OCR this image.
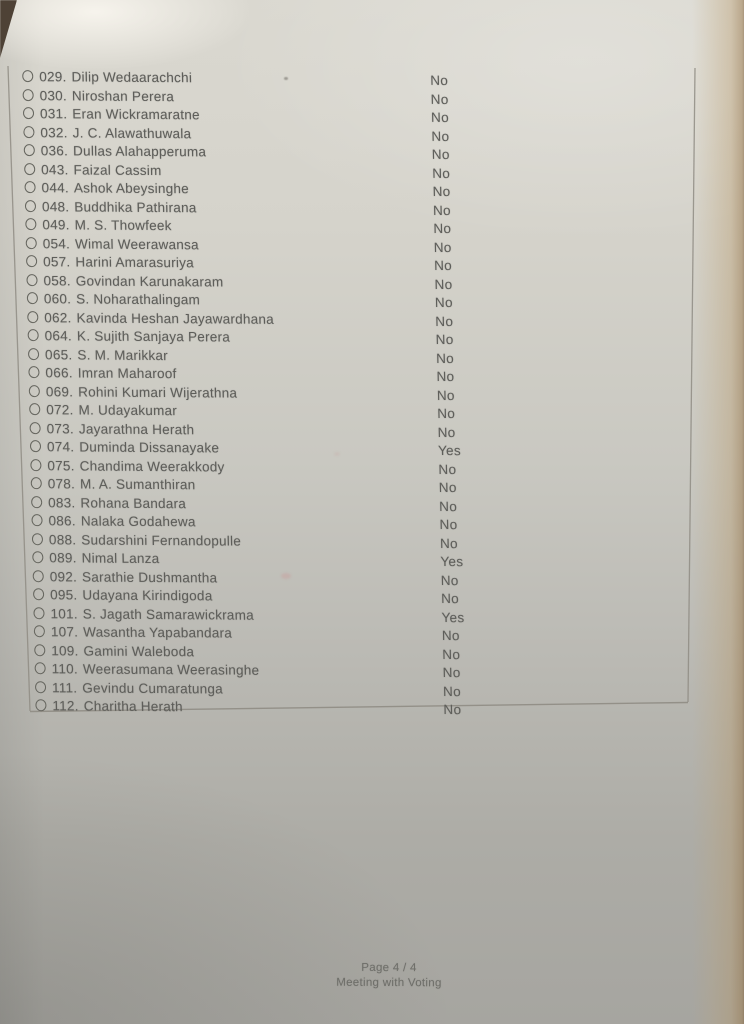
029. Dilip Wedaarachchi	No
030. Niroshan Perera	No
031. Eran Wickramaratne	No
032. J. C. Alawathuwala	No
036. Dullas Alahapperuma	No
043. Faizal Cassim	No
044. Ashok Abeysinghe	No
048. Buddhika Pathirana	No
049. M. S. Thowfeek	No
054. Wimal Weerawansa	No
057. Harini Amarasuriya	No
058. Govindan Karunakaram	No
060. S. Noharathalingam	No
062. Kavinda Heshan Jayawardhana	No
064. K. Sujith Sanjaya Perera	No
065. S. M. Marikkar	No
066. Imran Maharoof	No
069. Rohini Kumari Wijerathna	No
072. M. Udayakumar	No
073. Jayarathna Herath	No
074. Duminda Dissanayake	Yes
075. Chandima Weerakkody	No
078. M. A. Sumanthiran	No
083. Rohana Bandara	No
086. Nalaka Godahewa	No
088. Sudarshini Fernandopulle	No
089. Nimal Lanza	Yes
092. Sarathie Dushmantha	No
095. Udayana Kirindigoda	No
101. S. Jagath Samarawickrama	Yes
107. Wasantha Yapabandara	No
109. Gamini Waleboda	No
110. Weerasumana Weerasinghe	No
111. Gevindu Cumaratunga	No
112. Charitha Herath	No
Page 4 / 4
Meeting with Voting
